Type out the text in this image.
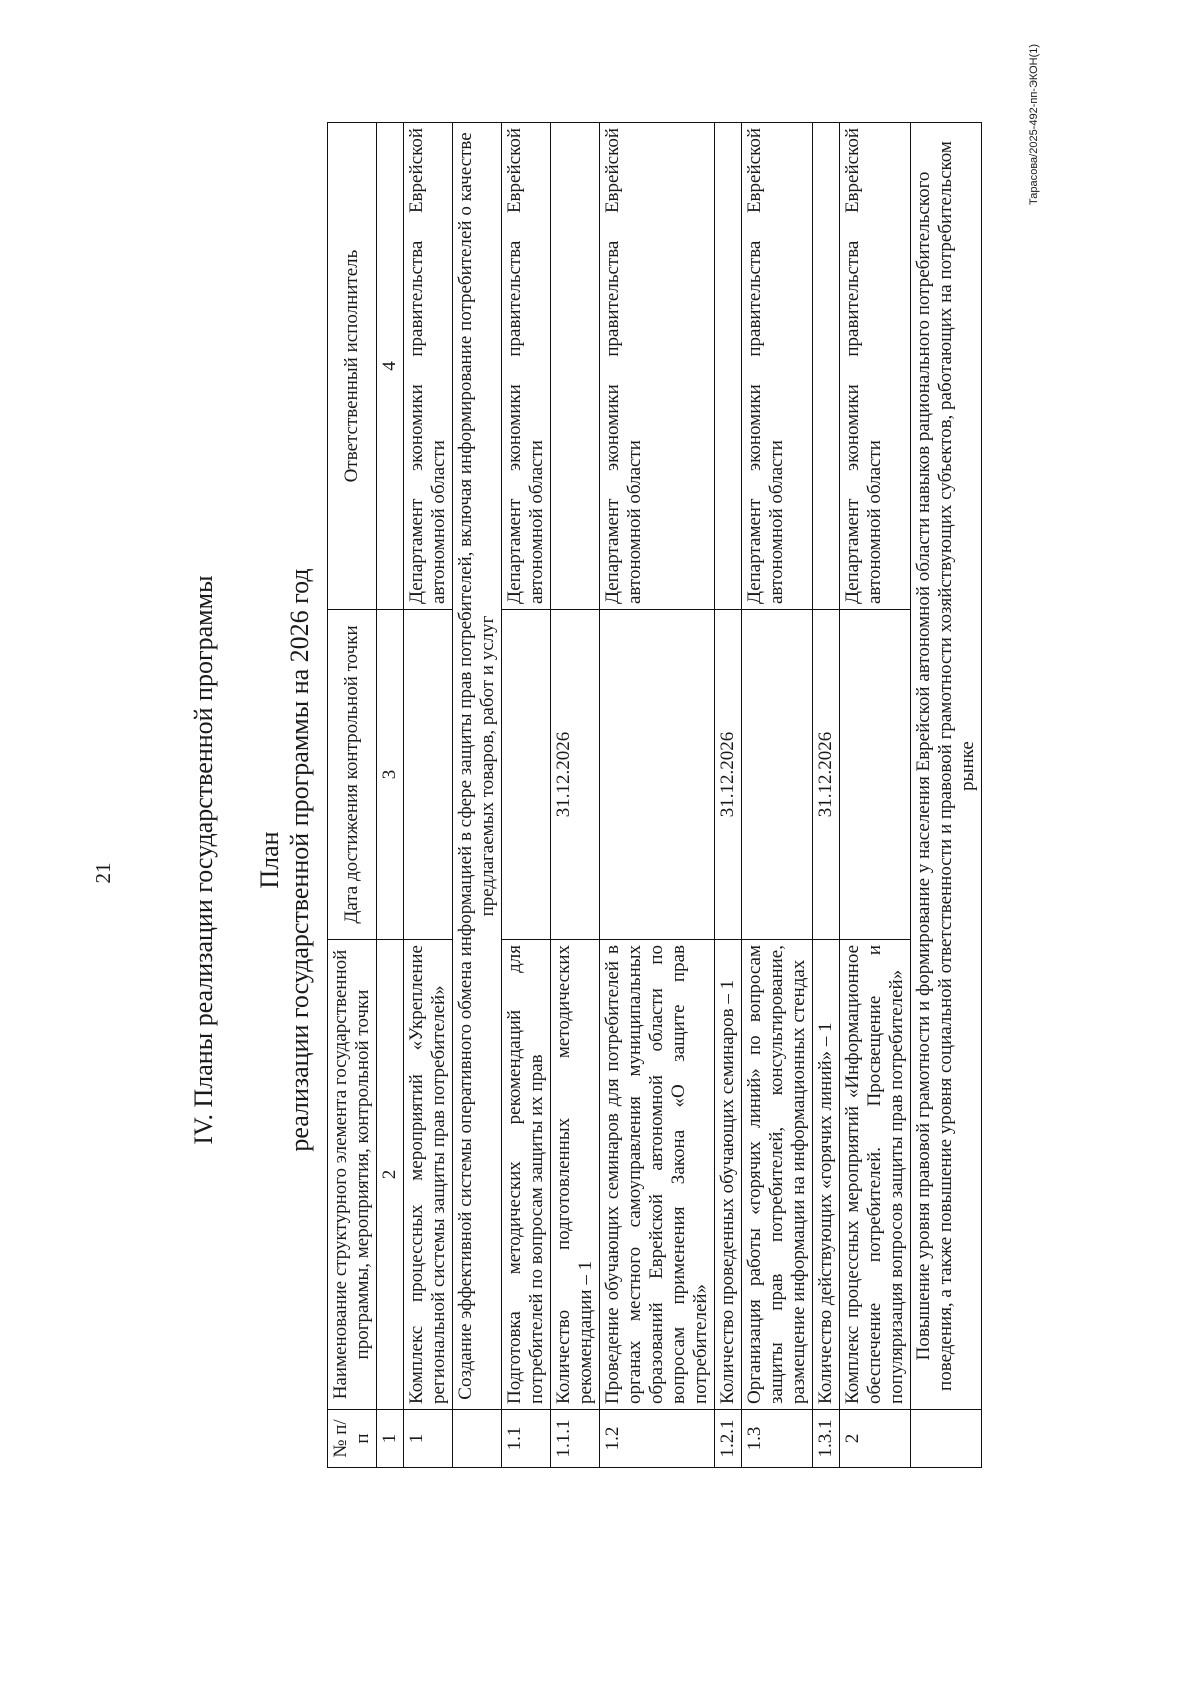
21
Тарасова/2025-492-пп-ЭКОН(1)

IV. Планы реализации государственной программы План реализации государственной программы на 2026 год

№ п/п	Наименование структурного элемента государственной программы, мероприятия, контрольной точки	Дата достижения контрольной точки	Ответственный исполнитель
1	2	3	4
1	Комплекс процессных мероприятий «Укрепление региональной системы защиты прав потребителей»		Департамент экономики правительства Еврейской автономной области
	Создание эффективной системы оперативного обмена информацией в сфере защиты прав потребителей, включая информирование потребителей о качестве предлагаемых товаров, работ и услуг		
1.1	Подготовка методических рекомендаций для потребителей по вопросам защиты их прав		Департамент экономики правительства Еврейской автономной области
1.1.1	Количество подготовленных методических рекомендации – 1	31.12.2026	
1.2	Проведение обучающих семинаров для потребителей в органах местного самоуправления муниципальных образований Еврейской автономной области по вопросам применения Закона «О защите прав потребителей»		Департамент экономики правительства Еврейской автономной области
1.2.1	Количество проведенных обучающих семинаров – 1	31.12.2026	
1.3	Организация работы «горячих линий» по вопросам защиты прав потребителей, консультирование, размещение информации на информационных стендах		Департамент экономики правительства Еврейской автономной области
1.3.1	Количество действующих «горячих линий» – 1	31.12.2026	
2	Комплекс процессных мероприятий «Информационное обеспечение потребителей. Просвещение и популяризация вопросов защиты прав потребителей»		Департамент экономики правительства Еврейской автономной области
	Повышение уровня правовой грамотности и формирование у населения Еврейской автономной области навыков рационального потребительского поведения, а также повышение уровня социальной ответственности и правовой грамотности хозяйствующих субъектов, работающих на потребительском рынке		
